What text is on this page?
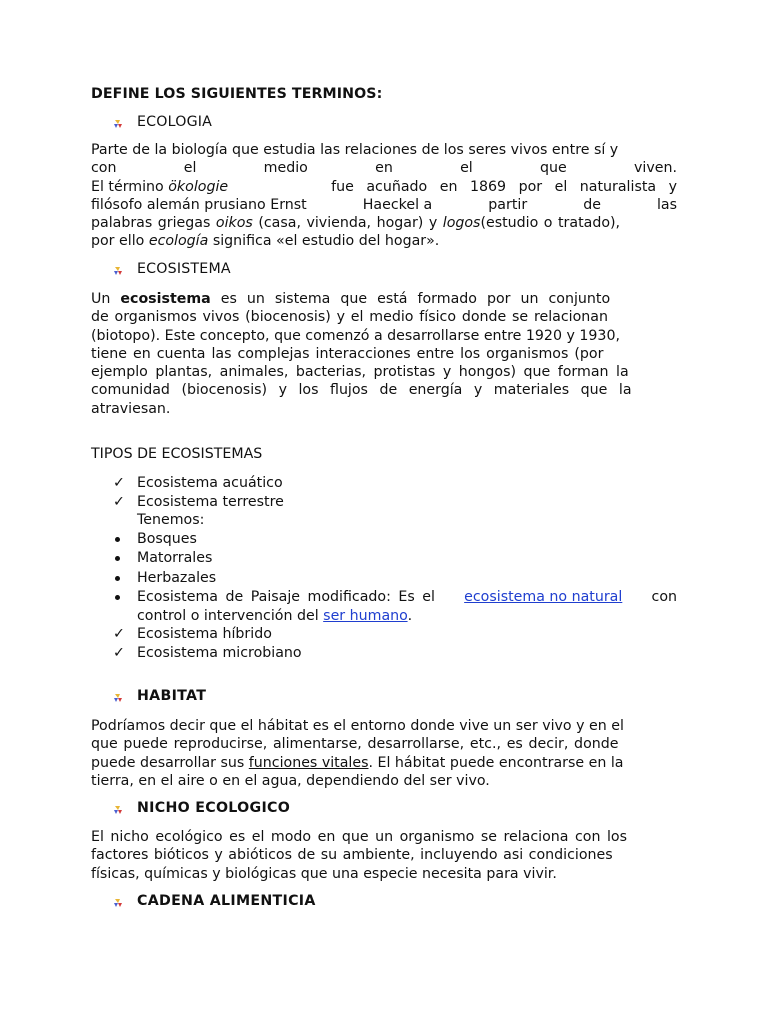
DEFINE LOS SIGUIENTES TERMINOS:
ECOLOGIA
Parte de la biología que estudia las relaciones de los seres vivos entre sí y
con	el	medio	en	el	que	viven.
El término ökologie	fue acuñado en 1869 por el naturalista y
filósofo alemán prusiano Ernst	Haeckel a	partir	de	las
palabras griegas oikos (casa, vivienda, hogar) y logos(estudio o tratado),
por ello ecología significa «el estudio del hogar».
ECOSISTEMA
Un ecosistema es un sistema que está formado por un conjunto
de organismos vivos (biocenosis) y el medio físico donde se relacionan
(biotopo). Este concepto, que comenzó a desarrollarse entre 1920 y 1930,
tiene en cuenta las complejas interacciones entre los organismos (por
ejemplo plantas, animales, bacterias, protistas y hongos) que forman la
comunidad (biocenosis) y los flujos de energía y materiales que la
atraviesan.
TIPOS DE ECOSISTEMAS
✓ Ecosistema acuático
✓ Ecosistema terrestre
Tenemos:
Bosques
Matorrales
Herbazales
Ecosistema de Paisaje modificado: Es el ecosistema no natural con
control o intervención del ser humano.
✓ Ecosistema híbrido
✓ Ecosistema microbiano
HABITAT
Podríamos decir que el hábitat es el entorno donde vive un ser vivo y en el
que puede reproducirse, alimentarse, desarrollarse, etc., es decir, donde
puede desarrollar sus funciones vitales. El hábitat puede encontrarse en la
tierra, en el aire o en el agua, dependiendo del ser vivo.
NICHO ECOLOGICO
El nicho ecológico es el modo en que un organismo se relaciona con los
factores bióticos y abióticos de su ambiente, incluyendo asi condiciones
físicas, químicas y biológicas que una especie necesita para vivir.
CADENA ALIMENTICIA
